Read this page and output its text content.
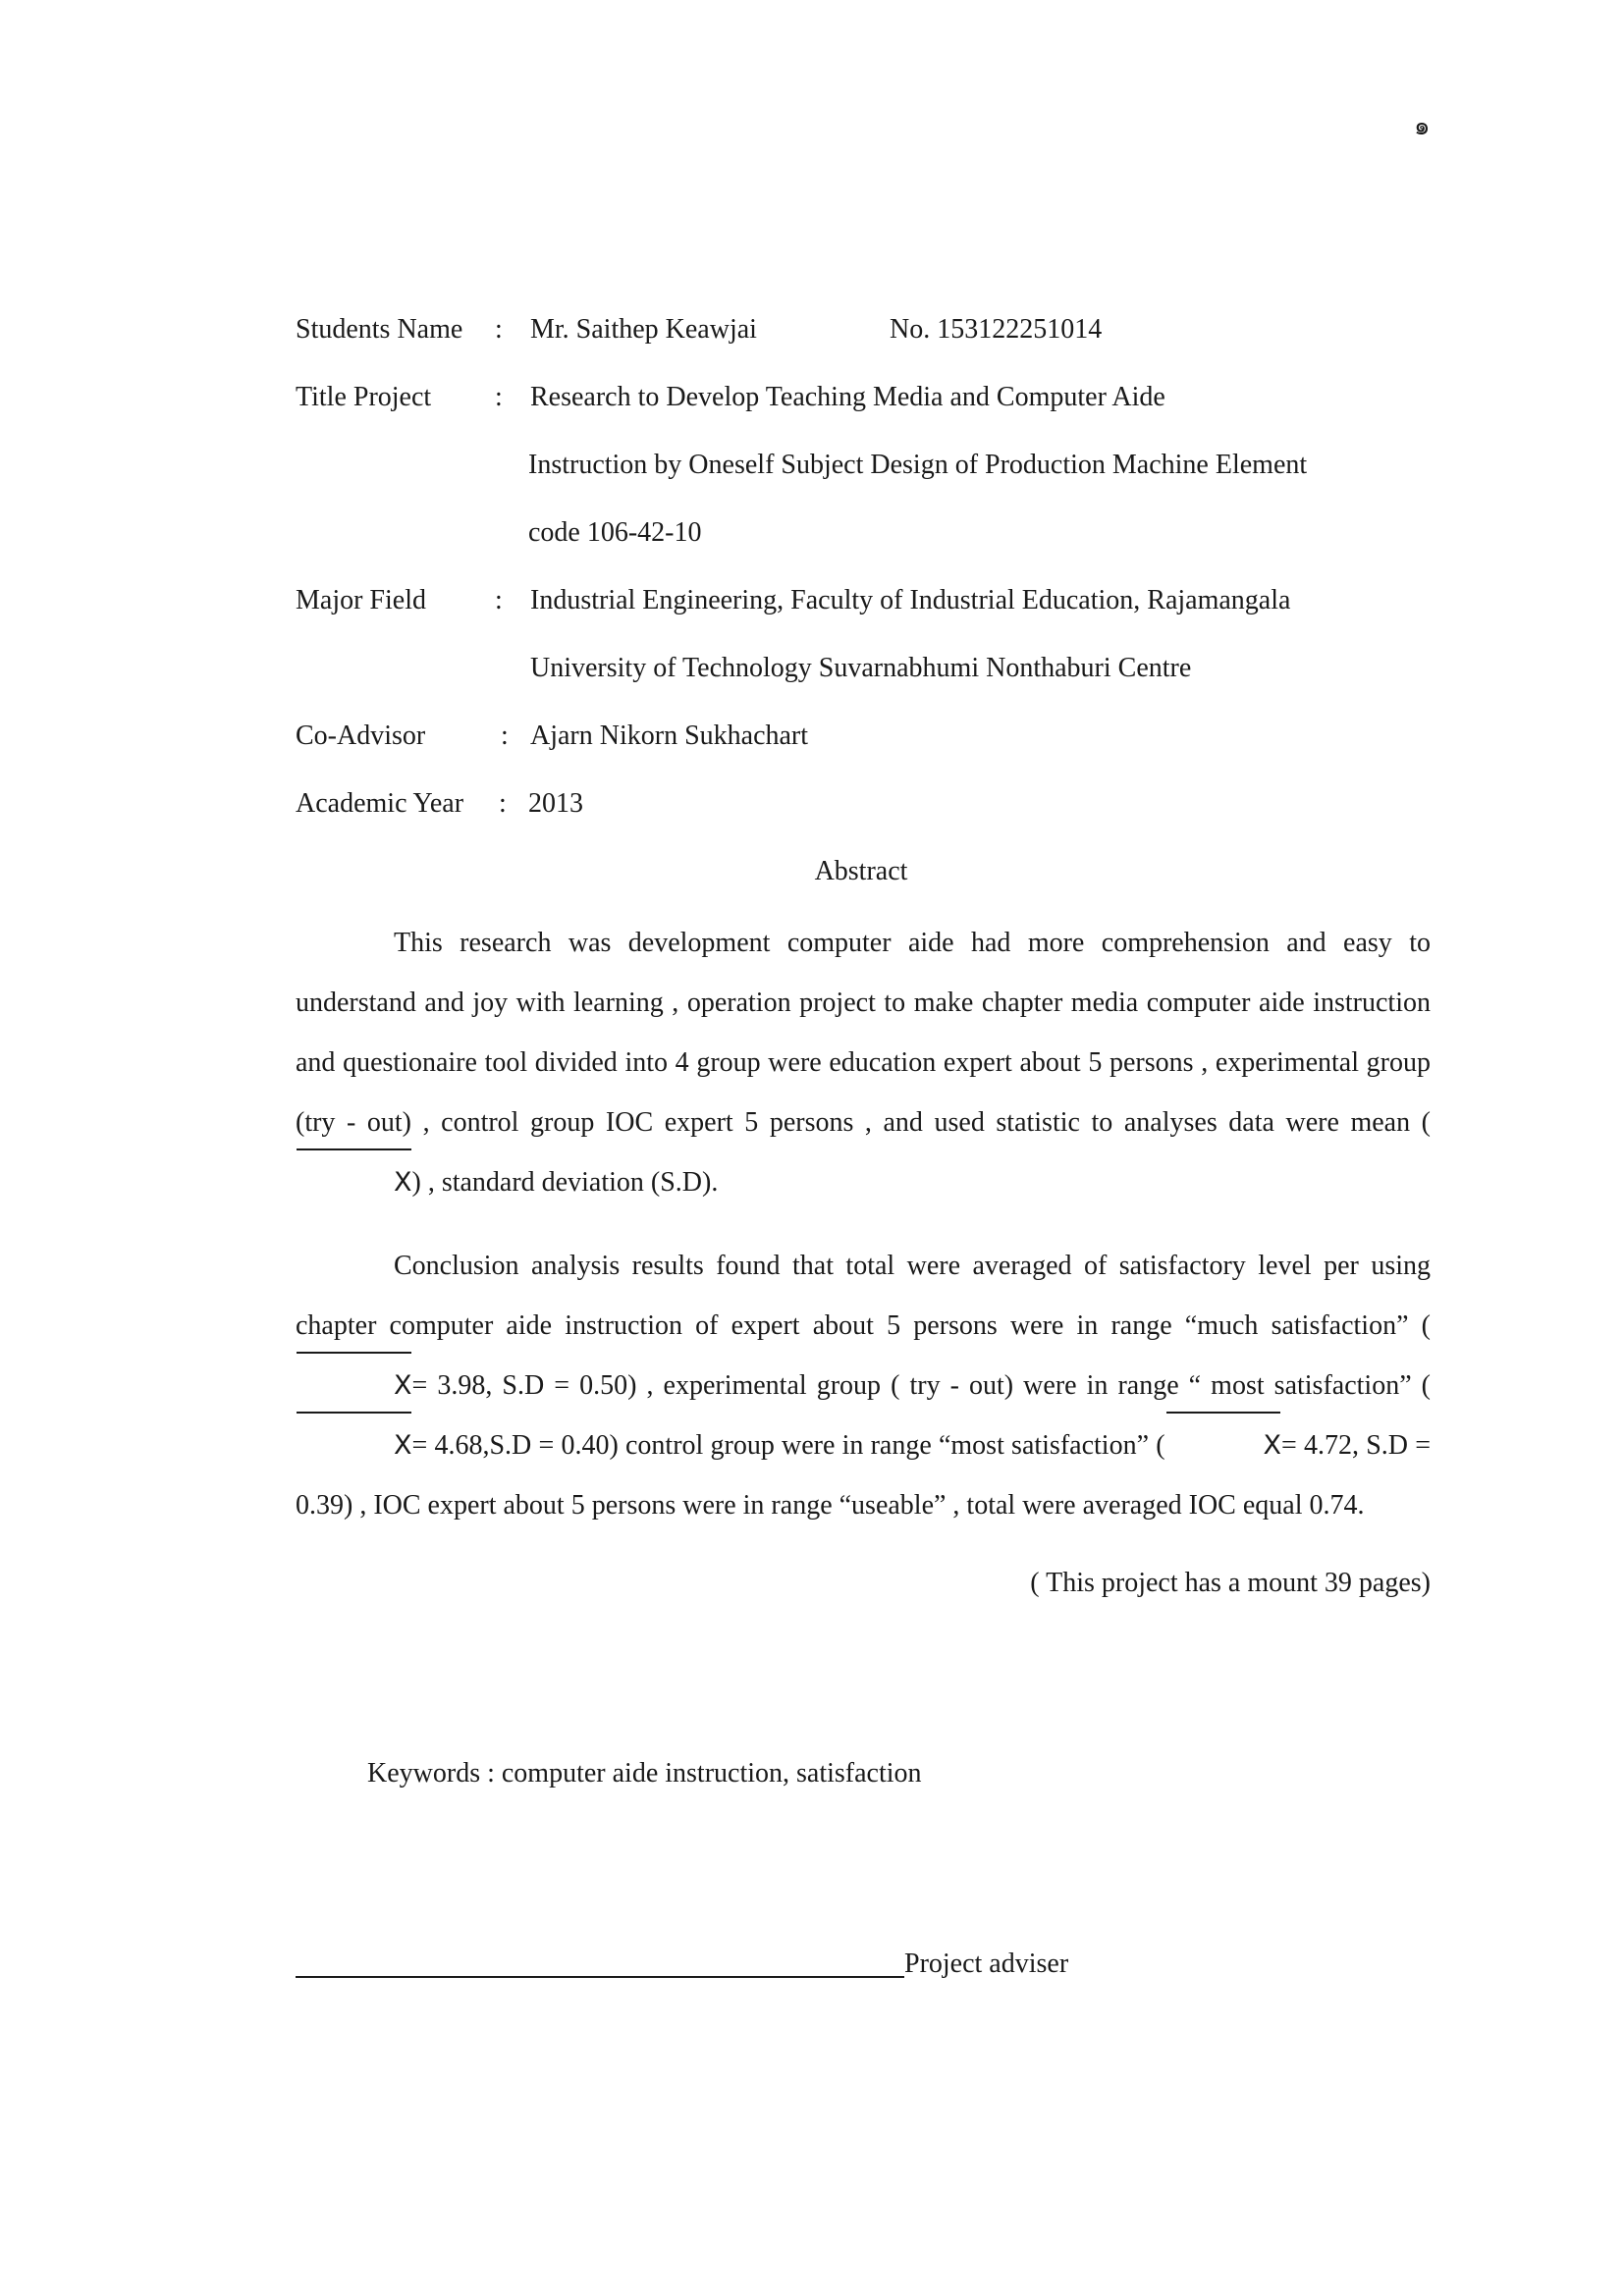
๑
Students Name : Mr. Saithep Keawjai	No. 153122251014
Title Project : Research to Develop Teaching Media and Computer Aide
Instruction by Oneself Subject Design of Production Machine Element
code 106-42-10
Major Field	: Industrial Engineering, Faculty of Industrial Education, Rajamangala
University of Technology Suvarnabhumi Nonthaburi Centre
Co-Advisor	: Ajarn Nikorn Sukhachart
Academic Year : 2013
Abstract

This research was development computer aide had more comprehension and easy to understand and joy with learning , operation project to make chapter media computer aide instruction and questionaire tool divided into 4 group were education expert about 5 persons , experimental group (try - out) , control group IOC expert 5 persons , and used statistic to analyses data were mean (X) , standard deviation (S.D).

Conclusion analysis results found that total were averaged of satisfactory level per using chapter computer aide instruction of expert about 5 persons were in range “much satisfaction” (X= 3.98, S.D = 0.50) , experimental group ( try - out) were in range “ most satisfaction” (X= 4.68,S.D = 0.40) control group were in range “most satisfaction” (	X= 4.72, S.D = 0.39) , IOC expert about 5 persons were in range “useable” , total were averaged IOC equal 0.74.

( This project has a mount 39 pages)
Keywords : computer aide instruction, satisfaction
Project adviser
